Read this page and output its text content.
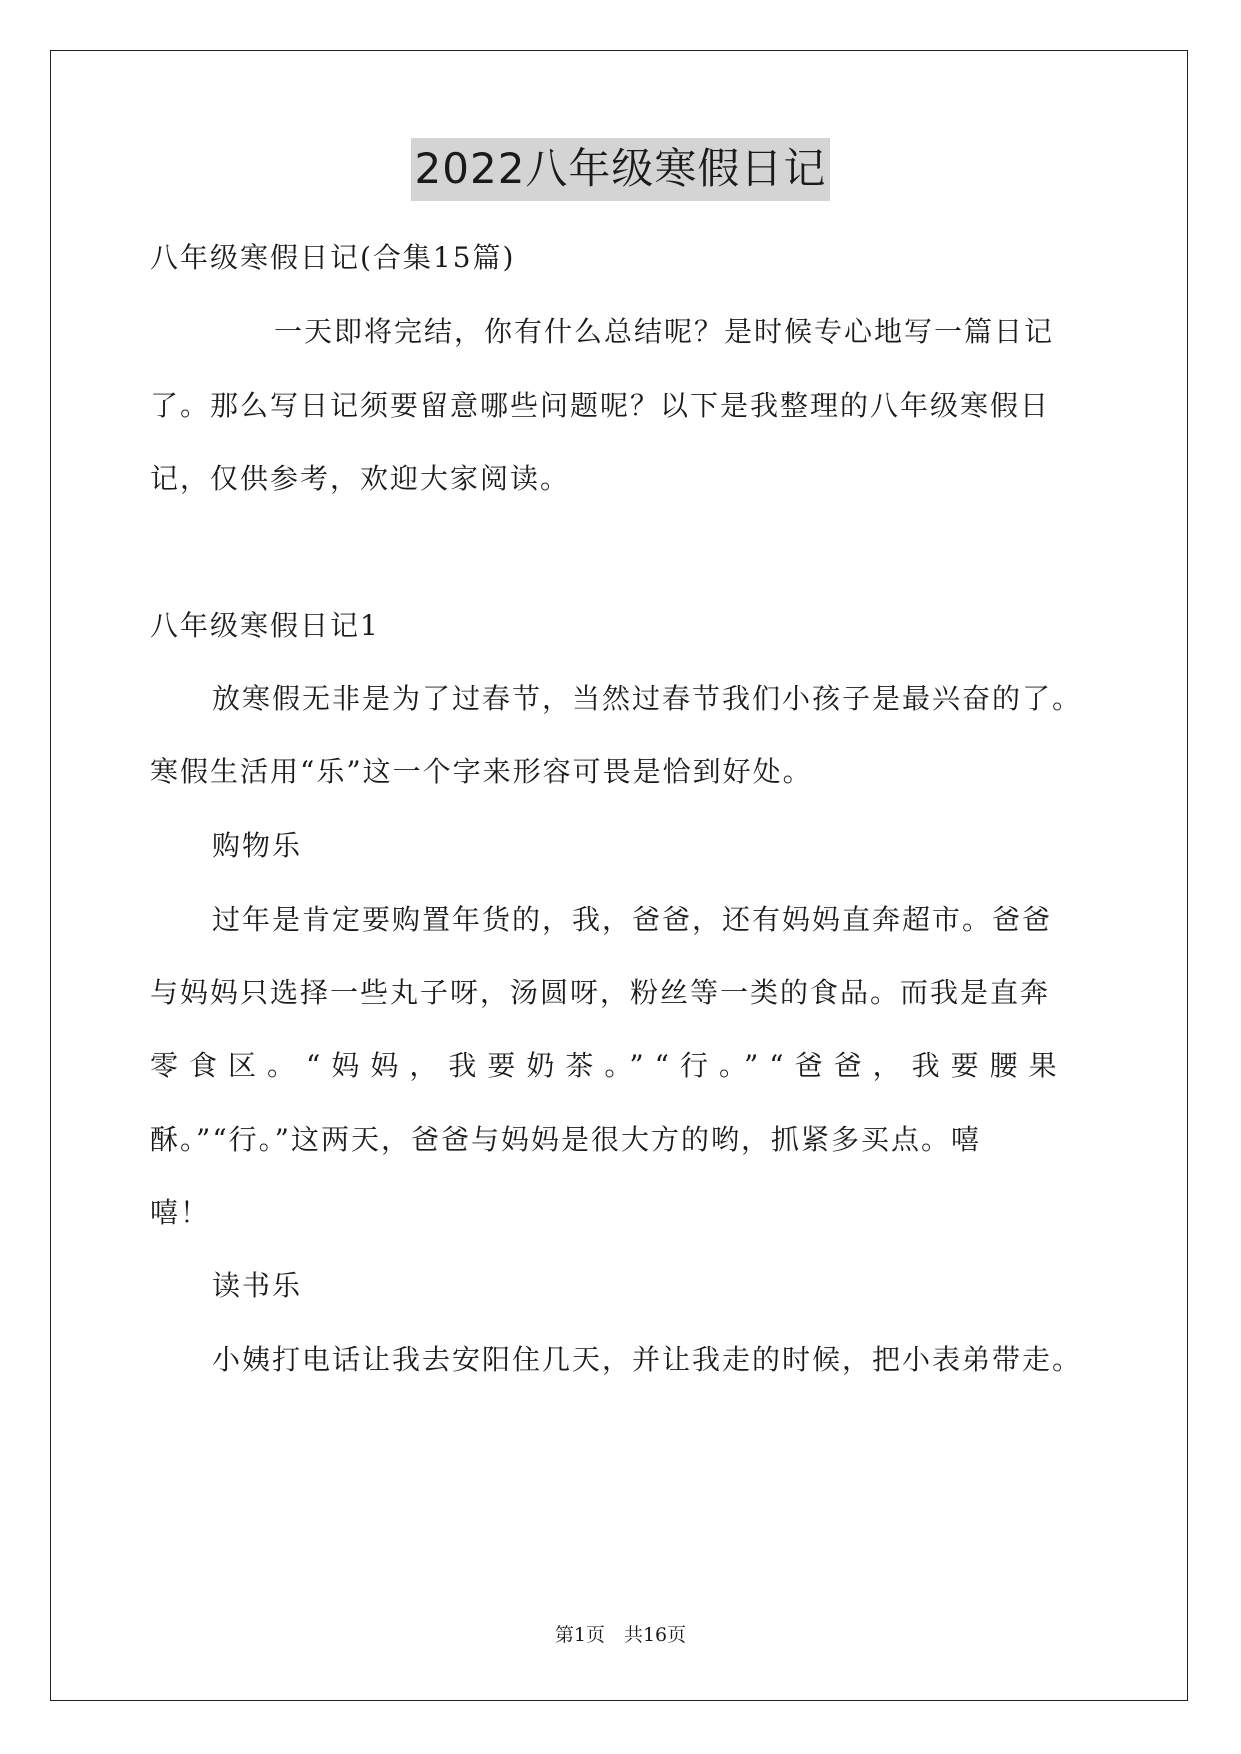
2022八年级寒假日记
八年级寒假日记(合集15篇)
一天即将完结，你有什么总结呢？是时候专心地写一篇日记
了。那么写日记须要留意哪些问题呢？以下是我整理的八年级寒假日
记，仅供参考，欢迎大家阅读。
八年级寒假日记1
放寒假无非是为了过春节，当然过春节我们小孩子是最兴奋的了。
寒假生活用“乐”这一个字来形容可畏是恰到好处。
购物乐
过年是肯定要购置年货的，我，爸爸，还有妈妈直奔超市。爸爸
与妈妈只选择一些丸子呀，汤圆呀，粉丝等一类的食品。而我是直奔
零食区。“妈妈，我要奶茶。”“行。”“爸爸，我要腰果
酥。”“行。”这两天，爸爸与妈妈是很大方的哟，抓紧多买点。嘻
嘻！
读书乐
小姨打电话让我去安阳住几天，并让我走的时候，把小表弟带走。
第1页　共16页
